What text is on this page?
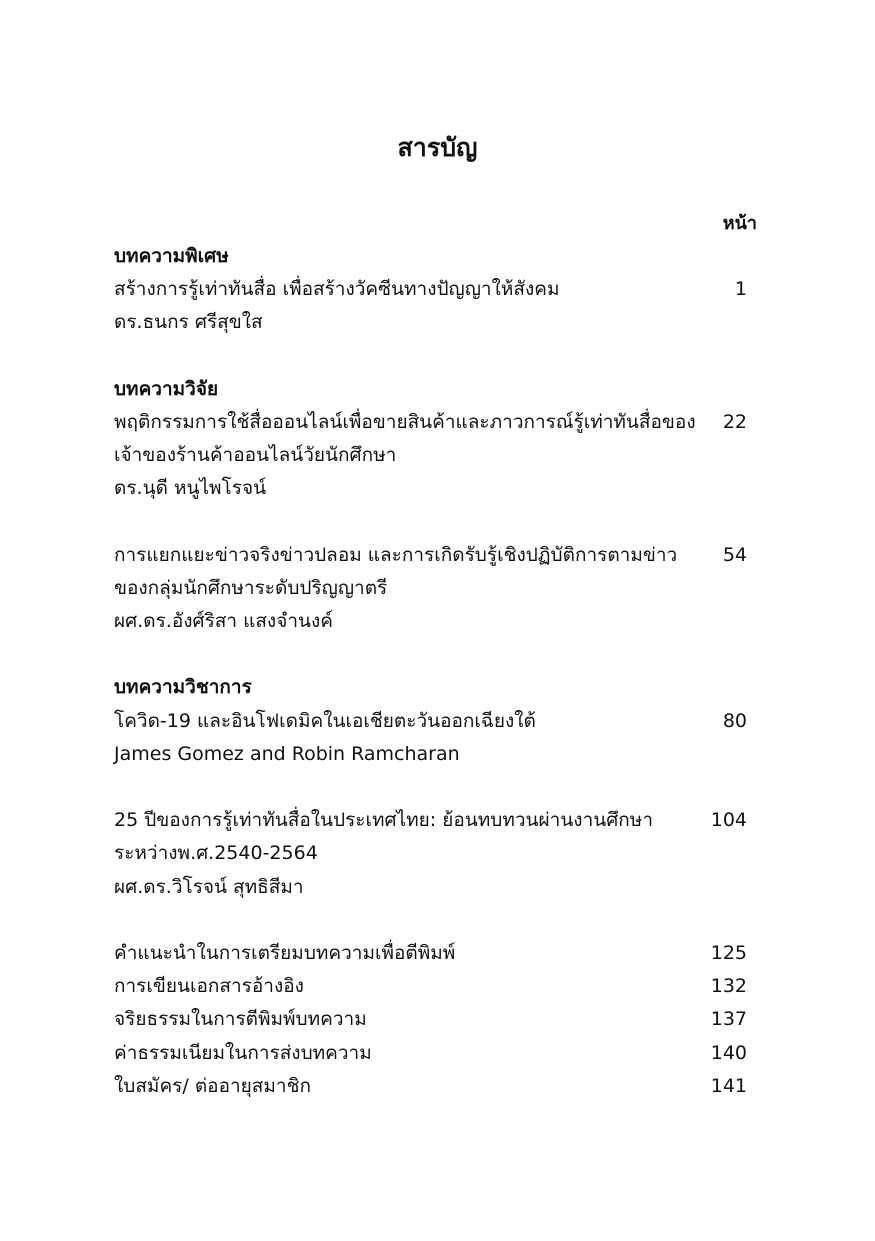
สารบัญ
หน้า
บทความพิเศษ
สร้างการรู้เท่าทันสื่อ เพื่อสร้างวัคซีนทางปัญญาให้สังคม	1
ดร.ธนกร ศรีสุขใส
บทความวิจัย
พฤติกรรมการใช้สื่อออนไลน์เพื่อขายสินค้าและภาวการณ์รู้เท่าทันสื่อของ 22
เจ้าของร้านค้าออนไลน์วัยนักศึกษา
ดร.นุดี หนูไพโรจน์
การแยกแยะข่าวจริงข่าวปลอม และการเกิดรับรู้เชิงปฏิบัติการตามข่าว 54
ของกลุ่มนักศึกษาระดับปริญญาตรี
ผศ.ดร.อังศ์ริสา แสงจำนงค์
บทความวิชาการ
โควิด-19 และอินโฟเดมิคในเอเชียตะวันออกเฉียงใต้	80
James Gomez and Robin Ramcharan
25 ปีของการรู้เท่าทันสื่อในประเทศไทย: ย้อนทบทวนผ่านงานศึกษา	104
ระหว่างพ.ศ.2540-2564
ผศ.ดร.วิโรจน์ สุทธิสีมา
คำแนะนำในการเตรียมบทความเพื่อตีพิมพ์	125
การเขียนเอกสารอ้างอิง	132
จริยธรรมในการตีพิมพ์บทความ	137
ค่าธรรมเนียมในการส่งบทความ	140
ใบสมัคร/ ต่ออายุสมาชิก	141
